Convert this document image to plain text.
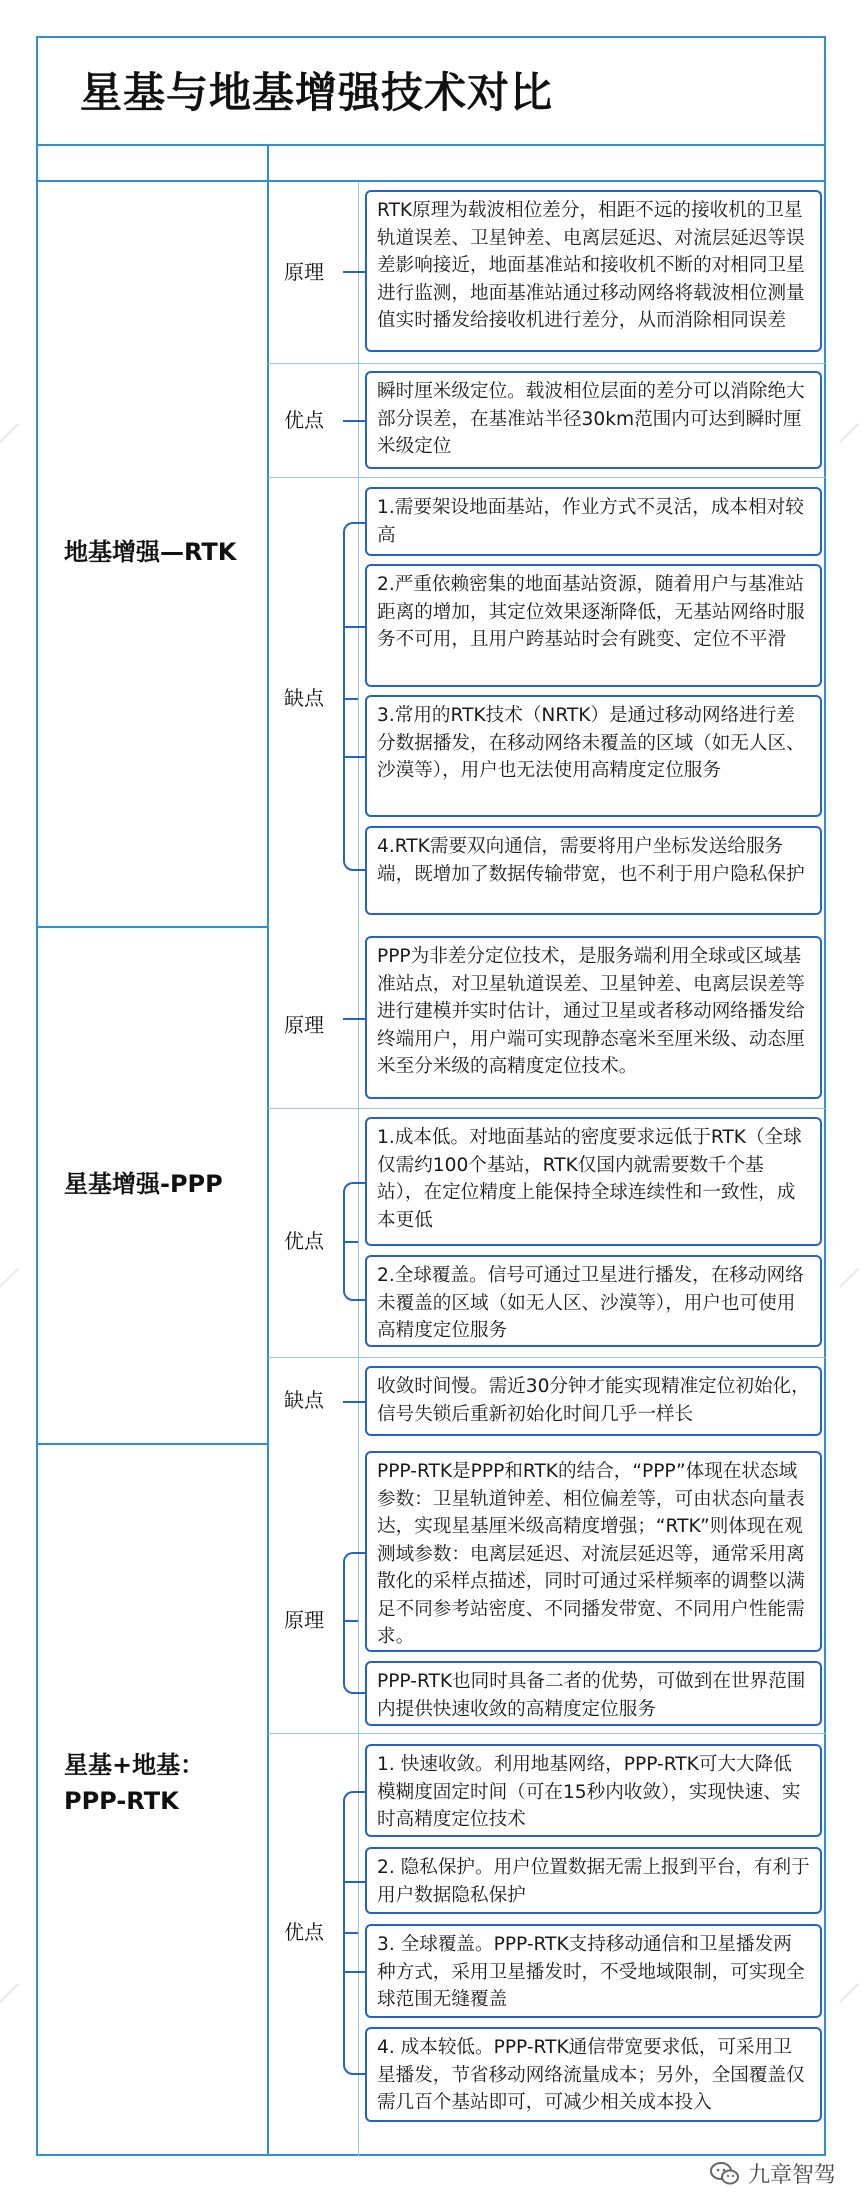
星基与地基增强技术对比
地基增强—RTK
原理
RTK原理为载波相位差分，相距不远的接收机的卫星轨道误差、卫星钟差、电离层延迟、对流层延迟等误差影响接近，地面基准站和接收机不断的对相同卫星进行监测，地面基准站通过移动网络将载波相位测量值实时播发给接收机进行差分，从而消除相同误差
优点
瞬时厘米级定位。载波相位层面的差分可以消除绝大部分误差，在基准站半径30km范围内可达到瞬时厘米级定位
缺点
1.需要架设地面基站，作业方式不灵活，成本相对较高
2.严重依赖密集的地面基站资源，随着用户与基准站距离的增加，其定位效果逐渐降低，无基站网络时服务不可用，且用户跨基站时会有跳变、定位不平滑
3.常用的RTK技术（NRTK）是通过移动网络进行差分数据播发，在移动网络未覆盖的区域（如无人区、沙漠等），用户也无法使用高精度定位服务
4.RTK需要双向通信，需要将用户坐标发送给服务端，既增加了数据传输带宽，也不利于用户隐私保护
星基增强-PPP
原理
PPP为非差分定位技术，是服务端利用全球或区域基准站点，对卫星轨道误差、卫星钟差、电离层误差等进行建模并实时估计，通过卫星或者移动网络播发给终端用户，用户端可实现静态毫米至厘米级、动态厘米至分米级的高精度定位技术。
优点
1.成本低。对地面基站的密度要求远低于RTK（全球仅需约100个基站，RTK仅国内就需要数千个基站），在定位精度上能保持全球连续性和一致性，成本更低
2.全球覆盖。信号可通过卫星进行播发，在移动网络未覆盖的区域（如无人区、沙漠等），用户也可使用高精度定位服务
缺点
收敛时间慢。需近30分钟才能实现精准定位初始化，信号失锁后重新初始化时间几乎一样长
星基+地基：
PPP-RTK
原理
PPP-RTK是PPP和RTK的结合，“PPP”体现在状态域参数：卫星轨道钟差、相位偏差等，可由状态向量表达，实现星基厘米级高精度增强；“RTK”则体现在观测域参数：电离层延迟、对流层延迟等，通常采用离散化的采样点描述，同时可通过采样频率的调整以满足不同参考站密度、不同播发带宽、不同用户性能需求。
PPP-RTK也同时具备二者的优势，可做到在世界范围内提供快速收敛的高精度定位服务
优点
1. 快速收敛。利用地基网络，PPP-RTK可大大降低模糊度固定时间（可在15秒内收敛），实现快速、实时高精度定位技术
2. 隐私保护。用户位置数据无需上报到平台，有利于用户数据隐私保护
3. 全球覆盖。PPP-RTK支持移动通信和卫星播发两种方式，采用卫星播发时，不受地域限制，可实现全球范围无缝覆盖
4. 成本较低。PPP-RTK通信带宽要求低，可采用卫星播发，节省移动网络流量成本；另外，全国覆盖仅需几百个基站即可，可减少相关成本投入
九章智驾
